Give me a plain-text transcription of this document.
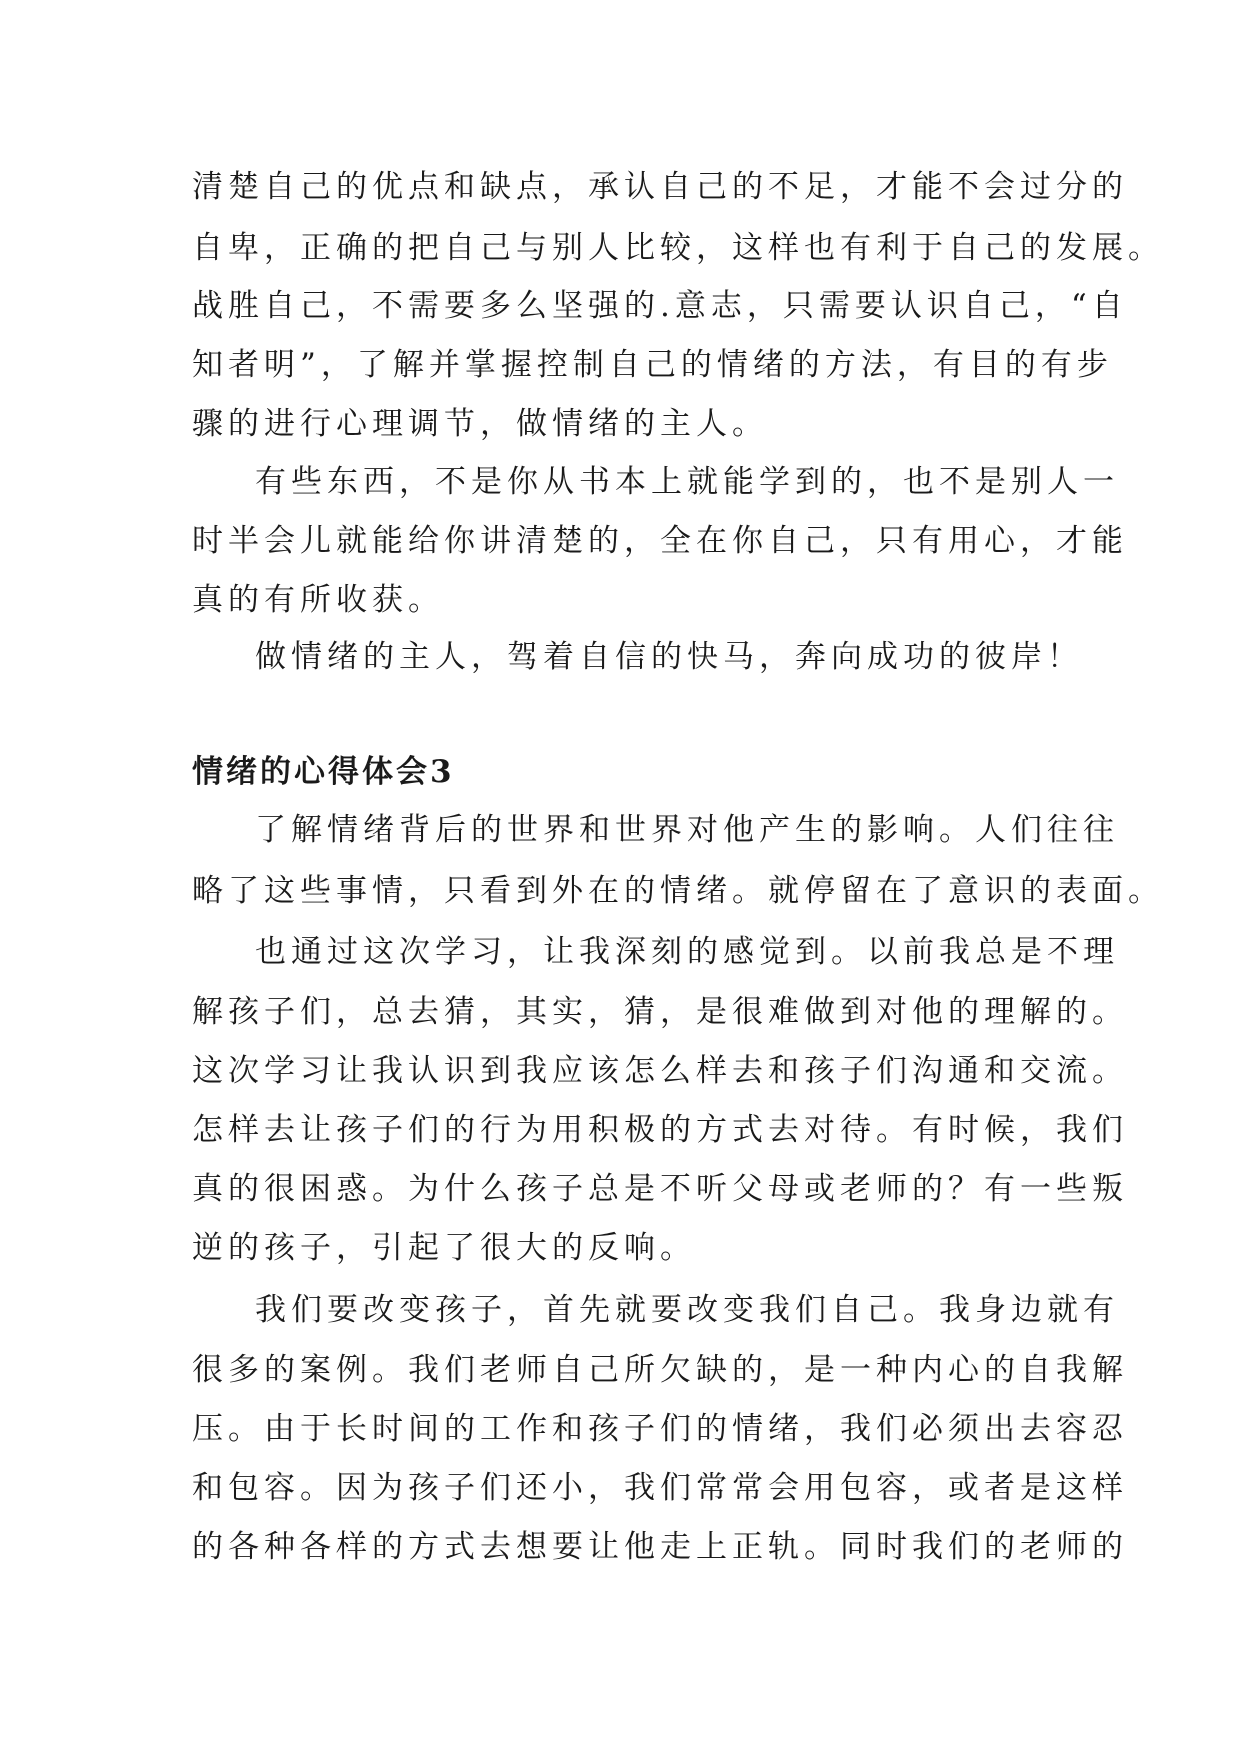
清楚自己的优点和缺点，承认自己的不足，才能不会过分的

自卑，正确的把自己与别人比较，这样也有利于自己的发展。

战胜自己，不需要多么坚强的.意志，只需要认识自己，“自

知者明”，了解并掌握控制自己的情绪的方法，有目的有步

骤的进行心理调节，做情绪的主人。

有些东西，不是你从书本上就能学到的，也不是别人一

时半会儿就能给你讲清楚的，全在你自己，只有用心，才能

真的有所收获。

做情绪的主人，驾着自信的快马，奔向成功的彼岸！

情绪的心得体会3

了解情绪背后的世界和世界对他产生的影响。人们往往

略了这些事情，只看到外在的情绪。就停留在了意识的表面。

也通过这次学习，让我深刻的感觉到。以前我总是不理

解孩子们，总去猜，其实，猜，是很难做到对他的理解的。

这次学习让我认识到我应该怎么样去和孩子们沟通和交流。

怎样去让孩子们的行为用积极的方式去对待。有时候，我们

真的很困惑。为什么孩子总是不听父母或老师的？有一些叛

逆的孩子，引起了很大的反响。

我们要改变孩子，首先就要改变我们自己。我身边就有

很多的案例。我们老师自己所欠缺的，是一种内心的自我解

压。由于长时间的工作和孩子们的情绪，我们必须出去容忍

和包容。因为孩子们还小，我们常常会用包容，或者是这样

的各种各样的方式去想要让他走上正轨。同时我们的老师的
